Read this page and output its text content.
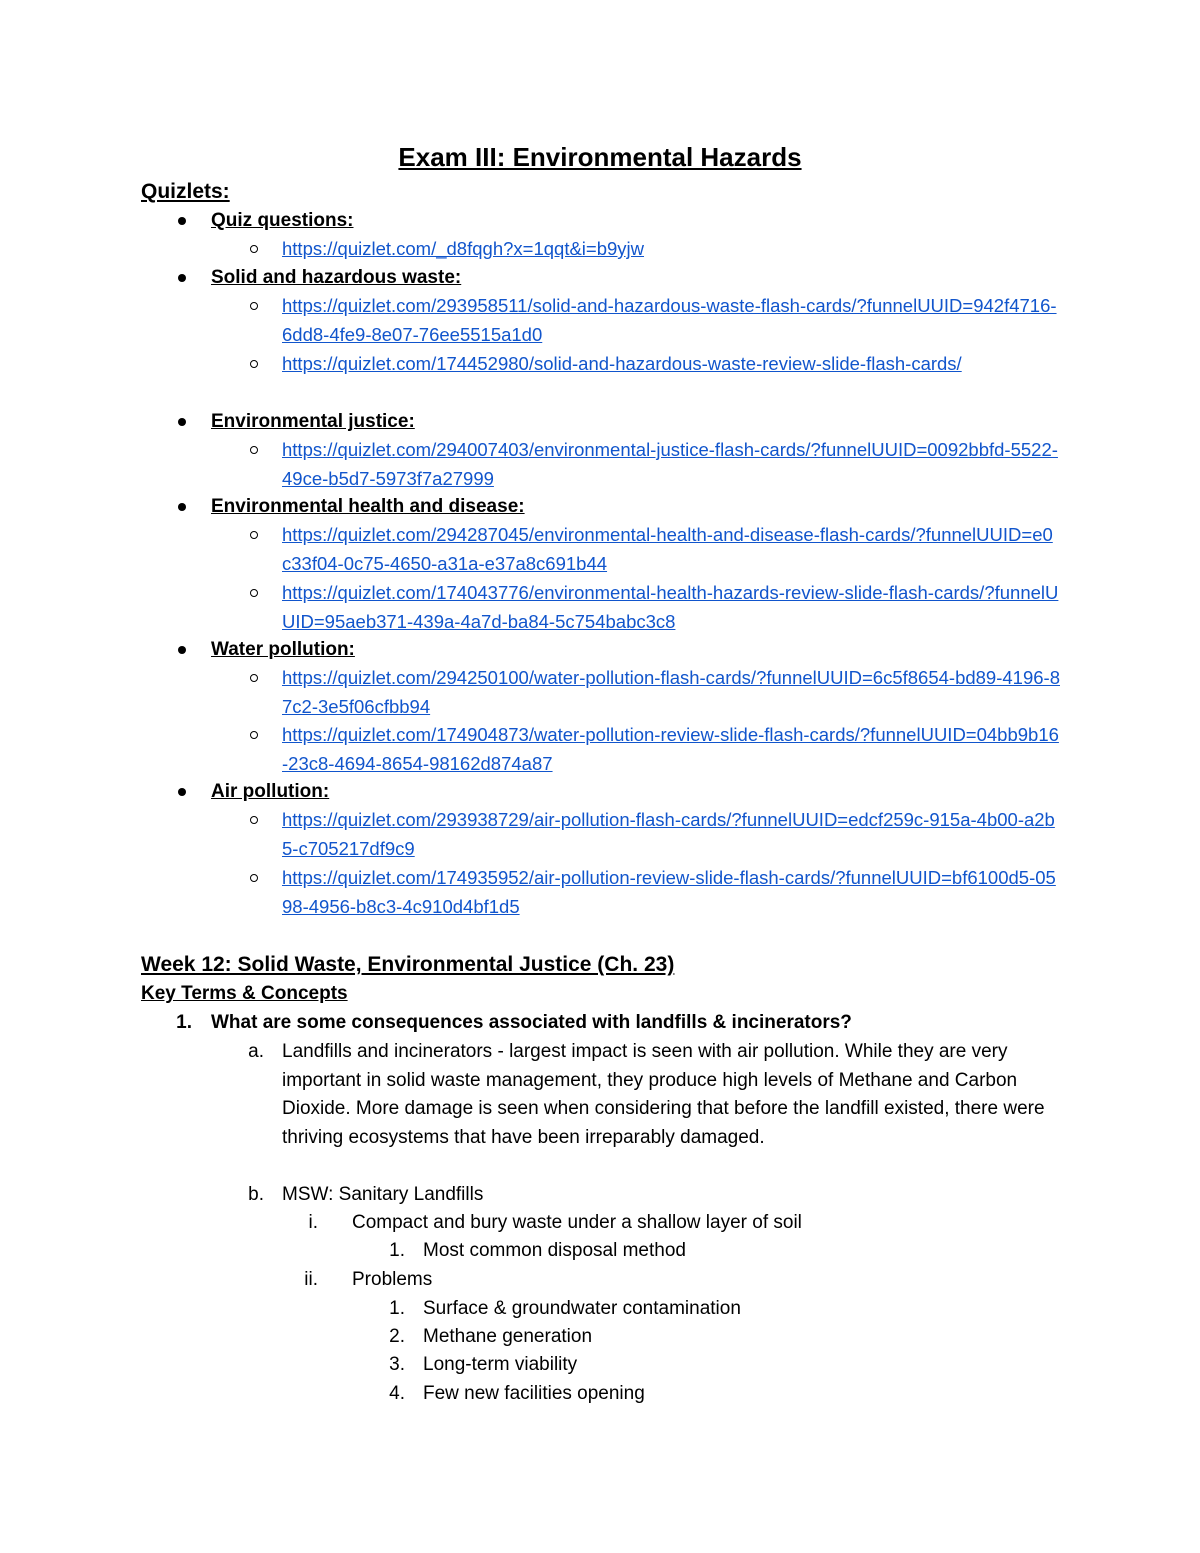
Exam III: Environmental Hazards
Quizlets:
Quiz questions:
https://quizlet.com/_d8fqgh?x=1qqt&i=b9yjw
Solid and hazardous waste:
https://quizlet.com/293958511/solid-and-hazardous-waste-flash-cards/?funnelUUID=942f4716-6dd8-4fe9-8e07-76ee5515a1d0
https://quizlet.com/174452980/solid-and-hazardous-waste-review-slide-flash-cards/
Environmental justice:
https://quizlet.com/294007403/environmental-justice-flash-cards/?funnelUUID=0092bbfd-5522-49ce-b5d7-5973f7a27999
Environmental health and disease:
https://quizlet.com/294287045/environmental-health-and-disease-flash-cards/?funnelUUID=e0c33f04-0c75-4650-a31a-e37a8c691b44
https://quizlet.com/174043776/environmental-health-hazards-review-slide-flash-cards/?funnelUUID=95aeb371-439a-4a7d-ba84-5c754babc3c8
Water pollution:
https://quizlet.com/294250100/water-pollution-flash-cards/?funnelUUID=6c5f8654-bd89-4196-87c2-3e5f06cfbb94
https://quizlet.com/174904873/water-pollution-review-slide-flash-cards/?funnelUUID=04bb9b16-23c8-4694-8654-98162d874a87
Air pollution:
https://quizlet.com/293938729/air-pollution-flash-cards/?funnelUUID=edcf259c-915a-4b00-a2b5-c705217df9c9
https://quizlet.com/174935952/air-pollution-review-slide-flash-cards/?funnelUUID=bf6100d5-0598-4956-b8c3-4c910d4bf1d5
Week 12: Solid Waste, Environmental Justice (Ch. 23)
Key Terms & Concepts
1. What are some consequences associated with landfills & incinerators?
a. Landfills and incinerators - largest impact is seen with air pollution. While they are very important in solid waste management, they produce high levels of Methane and Carbon Dioxide. More damage is seen when considering that before the landfill existed, there were thriving ecosystems that have been irreparably damaged.
b. MSW: Sanitary Landfills
i. Compact and bury waste under a shallow layer of soil
1. Most common disposal method
ii. Problems
1. Surface & groundwater contamination
2. Methane generation
3. Long-term viability
4. Few new facilities opening
